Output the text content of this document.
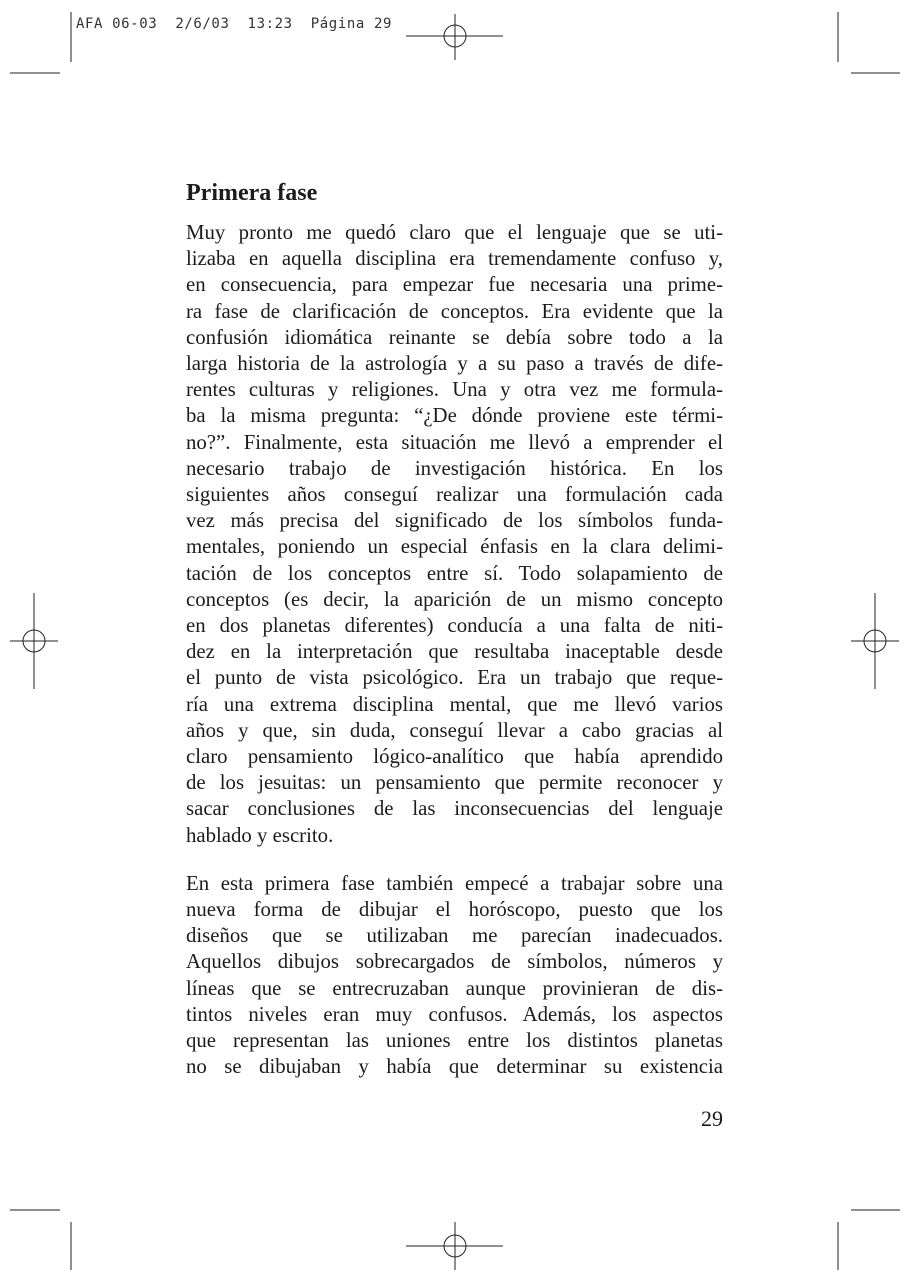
AFA 06-03  2/6/03  13:23  Página 29
Primera fase
Muy pronto me quedó claro que el lenguaje que se uti-
lizaba en aquella disciplina era tremendamente confuso y,
en consecuencia, para empezar fue necesaria una prime-
ra fase de clarificación de conceptos. Era evidente que la
confusión idiomática reinante se debía sobre todo a la
larga historia de la astrología y a su paso a través de dife-
rentes culturas y religiones. Una y otra vez me formula-
ba la misma pregunta: “¿De dónde proviene este térmi-
no?”. Finalmente, esta situación me llevó a emprender el
necesario trabajo de investigación histórica. En los
siguientes años conseguí realizar una formulación cada
vez más precisa del significado de los símbolos funda-
mentales, poniendo un especial énfasis en la clara delimi-
tación de los conceptos entre sí. Todo solapamiento de
conceptos (es decir, la aparición de un mismo concepto
en dos planetas diferentes) conducía a una falta de niti-
dez en la interpretación que resultaba inaceptable desde
el punto de vista psicológico. Era un trabajo que reque-
ría una extrema disciplina mental, que me llevó varios
años y que, sin duda, conseguí llevar a cabo gracias al
claro pensamiento lógico-analítico que había aprendido
de los jesuitas: un pensamiento que permite reconocer y
sacar conclusiones de las inconsecuencias del lenguaje
hablado y escrito.
En esta primera fase también empecé a trabajar sobre una
nueva forma de dibujar el horóscopo, puesto que los
diseños que se utilizaban me parecían inadecuados.
Aquellos dibujos sobrecargados de símbolos, números y
líneas que se entrecruzaban aunque provinieran de dis-
tintos niveles eran muy confusos. Además, los aspectos
que representan las uniones entre los distintos planetas
no se dibujaban y había que determinar su existencia
29
